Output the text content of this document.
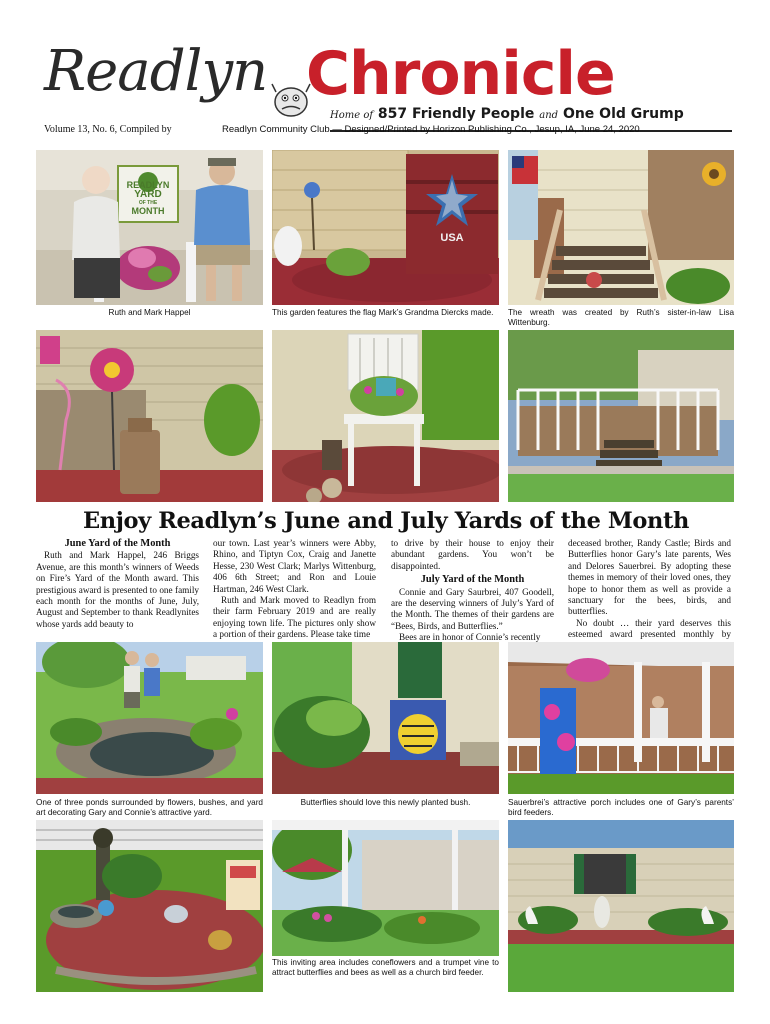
Readlyn Chronicle
Home of 857 Friendly People and One Old Grump
Volume 13, No. 6, Compiled by	Readlyn Community Club — Designed/Printed by Horizon Publishing Co., Jesup, IA, June 24, 2020
READLYN
YARD
OF THE
MONTH
Ruth and Mark Happel
USA
This garden features the flag Mark’s Grandma Diercks made.	The wreath was created by Ruth’s sister-in-law Lisa Wittenburg.
Enjoy Readlyn’s June and July Yards of the Month
June Yard of the Month

Ruth and Mark Happel, 246 Briggs Avenue, are this month’s winners of Weeds on Fire’s Yard of the Month award. This prestigious award is presented to one family each month for the months of June, July, August and September to thank Readlynites whose yards add beauty to

our town. Last year’s winners were Abby, Rhino, and Tiptyn Cox, Craig and Janette Hesse, 230 West Clark; Marlys Wittenburg, 406 6th Street; and Ron and Louie Hartman, 246 West Clark.

Ruth and Mark moved to Readlyn from their farm February 2019 and are really enjoying town life. The pictures only show a portion of their gardens. Please take time

to drive by their house to enjoy their abundant gardens. You won’t be disappointed.

July Yard of the Month

Connie and Gary Saurbrei, 407 Goodell, are the deserving winners of July’s Yard of the Month. The themes of their gardens are “Bees, Birds, and Butterflies.”

Bees are in honor of Connie’s recently

deceased brother, Randy Castle; Birds and Butterflies honor Gary’s late parents, Wes and Delores Sauerbrei. By adopting these themes in memory of their loved ones, they hope to honor them as well as provide a sanctuary for the bees, birds, and butterflies.

No doubt … their yard deserves this esteemed award presented monthly by

One of three ponds surrounded by flowers, bushes, and yard art decorating Gary and Connie’s attractive yard.
Butterflies should love this newly planted bush.	Sauerbrei’s attractive porch includes one of Gary’s parents’ bird feeders.
This inviting area includes coneflowers and a trumpet vine to attract butterflies and bees as well as a church bird feeder.
